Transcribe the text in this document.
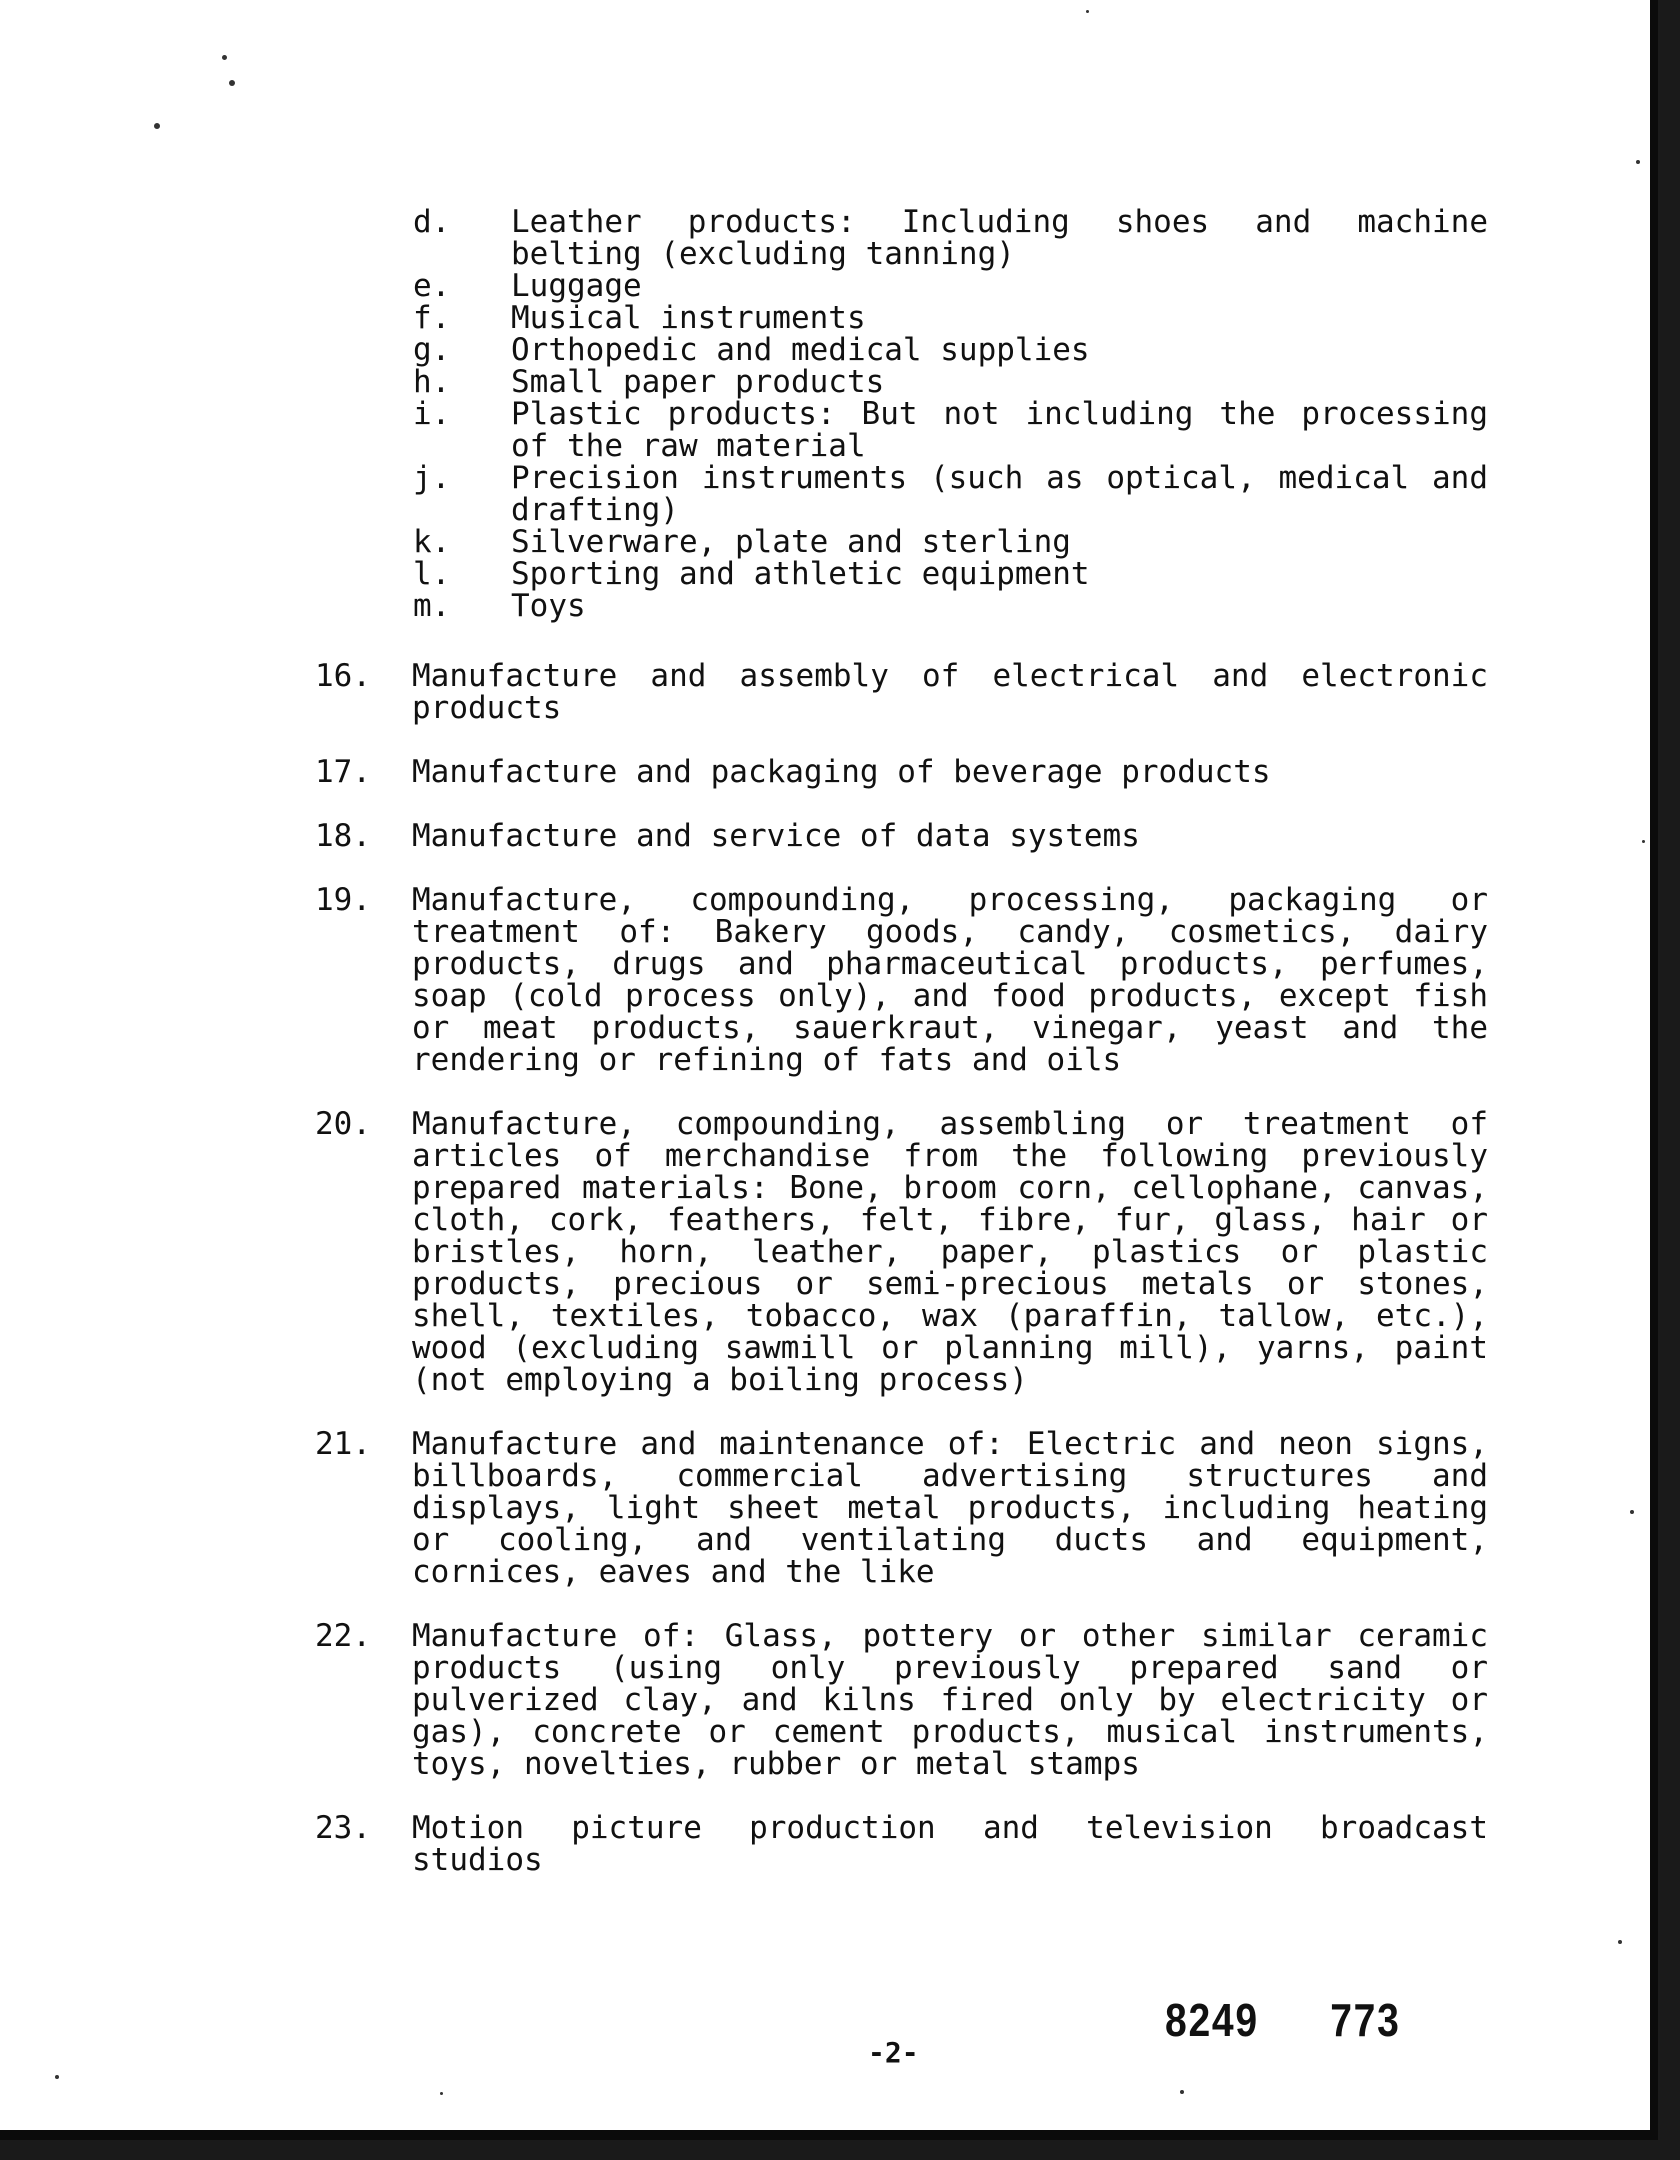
d.	Leather products: Including shoes and machine belting (excluding tanning)
e.	Luggage
f.	Musical instruments
g.	Orthopedic and medical supplies
h.	Small paper products
i.	Plastic products: But not including the processing of the raw material
j.	Precision instruments (such as optical, medical and drafting)
k.	Silverware, plate and sterling
l.	Sporting and athletic equipment
m.	Toys
16.	Manufacture and assembly of electrical and electronic products
17.	Manufacture and packaging of beverage products
18.	Manufacture and service of data systems
19.	Manufacture, compounding, processing, packaging or treatment of: Bakery goods, candy, cosmetics, dairy products, drugs and pharmaceutical products, perfumes, soap (cold process only), and food products, except fish or meat products, sauerkraut, vinegar, yeast and the rendering or refining of fats and oils
20.	Manufacture, compounding, assembling or treatment of articles of merchandise from the following previously prepared materials: Bone, broom corn, cellophane, canvas, cloth, cork, feathers, felt, fibre, fur, glass, hair or bristles, horn, leather, paper, plastics or plastic products, precious or semi-precious metals or stones, shell, textiles, tobacco, wax (paraffin, tallow, etc.), wood (excluding sawmill or planning mill), yarns, paint (not employing a boiling process)
21.	Manufacture and maintenance of: Electric and neon signs, billboards, commercial advertising structures and displays, light sheet metal products, including heating or cooling, and ventilating ducts and equipment, cornices, eaves and the like
22.	Manufacture of: Glass, pottery or other similar ceramic products (using only previously prepared sand or pulverized clay, and kilns fired only by electricity or gas), concrete or cement products, musical instruments, toys, novelties, rubber or metal stamps
23.	Motion picture production and television broadcast studios
8249 773
-2-
